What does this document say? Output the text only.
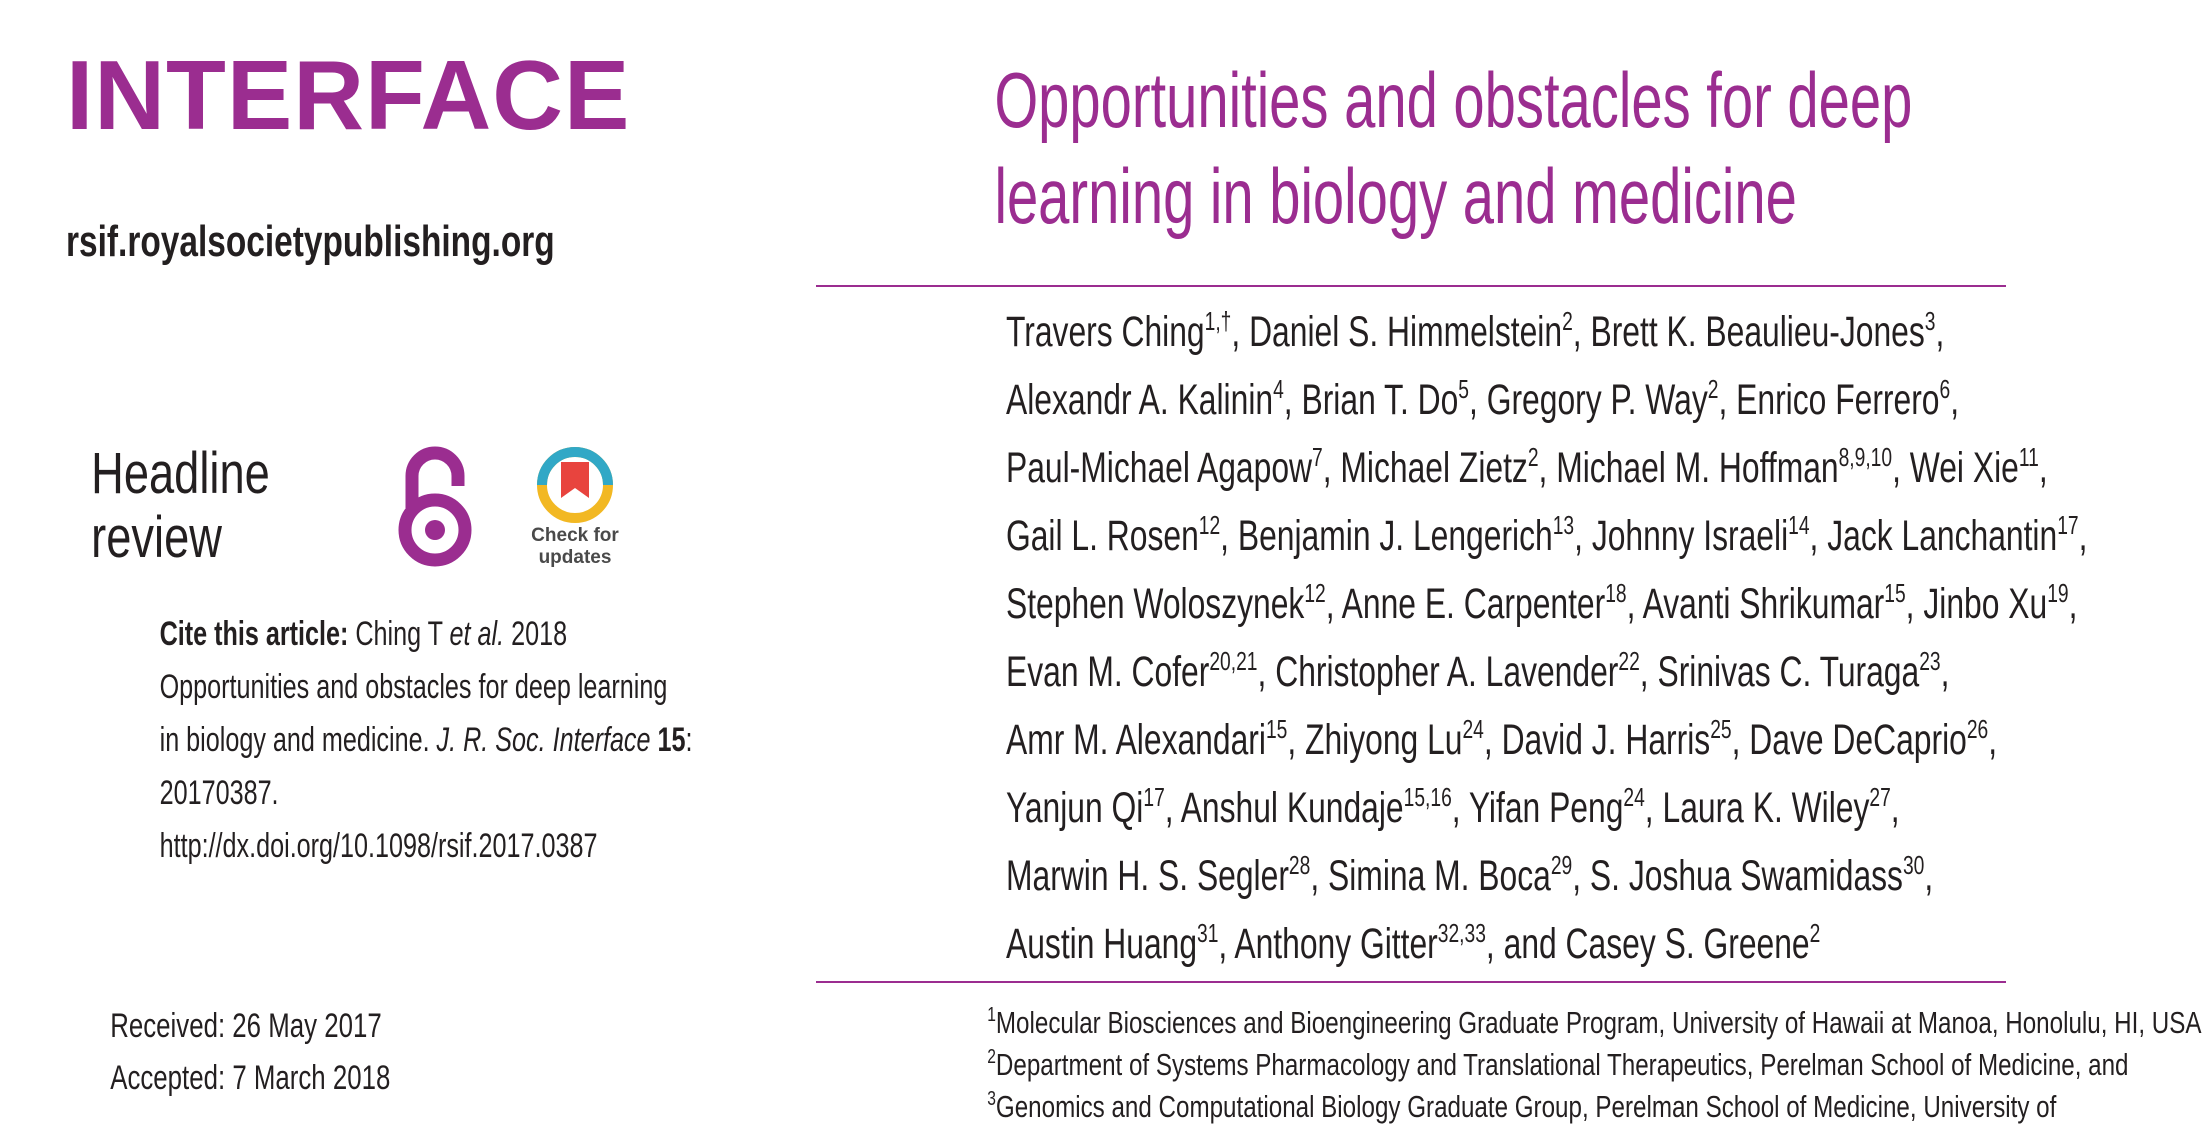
INTERFACE
rsif.royalsocietypublishing.org
Headline
review	Check for
updates
Cite this article: Ching T et al. 2018
Opportunities and obstacles for deep learning
in biology and medicine. J. R. Soc. Interface 15:
20170387.
http://dx.doi.org/10.1098/rsif.2017.0387
Received: 26 May 2017
Accepted: 7 March 2018
Opportunities and obstacles for deep
learning in biology and medicine
Travers Ching$^{1,\dagger}$, Daniel S. Himmelstein$^2$, Brett K. Beaulieu-Jones$^3$,
Alexandr A. Kalinin$^4$, Brian T. Do$^5$, Gregory P. Way$^2$, Enrico Ferrero$^6$,
Paul-Michael Agapow$^7$, Michael Zietz$^2$, Michael M. Hoffman$^{8,9,10}$, Wei Xie$^{11}$,
Gail L. Rosen$^{12}$, Benjamin J. Lengerich$^{13}$, Johnny Israeli$^{14}$, Jack Lanchantin$^{17}$,
Stephen Woloszynek$^{12}$, Anne E. Carpenter$^{18}$, Avanti Shrikumar$^{15}$, Jinbo Xu$^{19}$,
Evan M. Cofer$^{20,21}$, Christopher A. Lavender$^{22}$, Srinivas C. Turaga$^{23}$,
Amr M. Alexandari$^{15}$, Zhiyong Lu$^{24}$, David J. Harris$^{25}$, Dave DeCaprio$^{26}$,
Yanjun Qi$^{17}$, Anshul Kundaje$^{15,16}$, Yifan Peng$^{24}$, Laura K. Wiley$^{27}$,
Marwin H. S. Segler$^{28}$, Simina M. Boca$^{29}$, S. Joshua Swamidass$^{30}$,
Austin Huang$^{31}$, Anthony Gitter$^{32,33}$, and Casey S. Greene$^2$
$^1$Molecular Biosciences and Bioengineering Graduate Program, University of Hawaii at Manoa, Honolulu, HI, USA
$^2$Department of Systems Pharmacology and Translational Therapeutics, Perelman School of Medicine, and
$^3$Genomics and Computational Biology Graduate Group, Perelman School of Medicine, University of
